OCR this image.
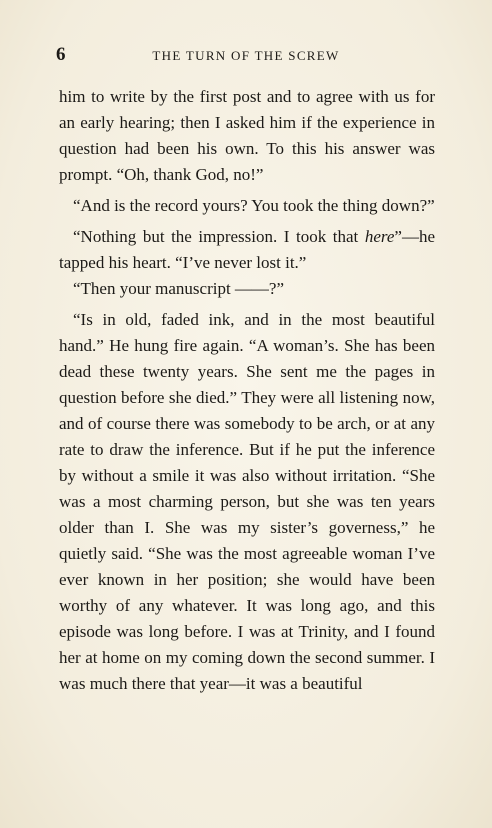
6	THE TURN OF THE SCREW

him to write by the first post and to agree with us for an early hearing; then I asked him if the experience in question had been his own. To this his answer was prompt. “Oh, thank God, no!”

“And is the record yours? You took the thing down?”

“Nothing but the impression. I took that here”—he tapped his heart. “I’ve never lost it.”

“Then your manuscript ——?”

“Is in old, faded ink, and in the most beautiful hand.” He hung fire again. “A woman’s. She has been dead these twenty years. She sent me the pages in question before she died.” They were all listening now, and of course there was somebody to be arch, or at any rate to draw the inference. But if he put the inference by without a smile it was also without irritation. “She was a most charming person, but she was ten years older than I. She was my sister’s governess,” he quietly said. “She was the most agreeable woman I’ve ever known in her position; she would have been worthy of any whatever. It was long ago, and this episode was long before. I was at Trinity, and I found her at home on my coming down the second summer. I was much there that year—it was a beautiful
